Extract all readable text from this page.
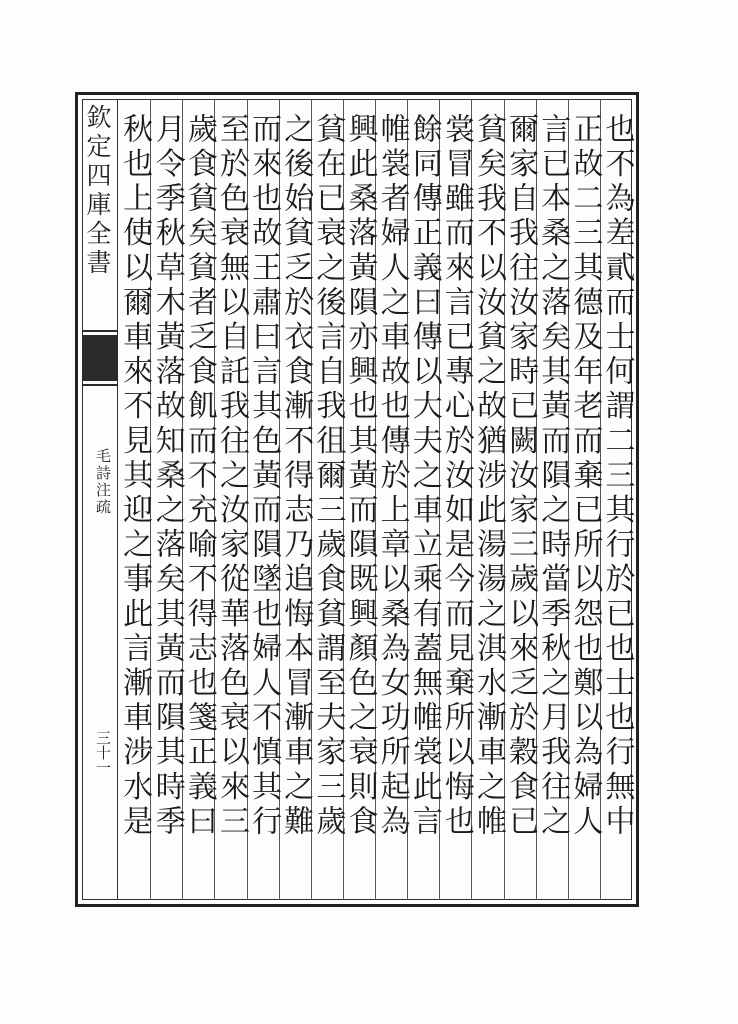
欽定四庫全書
毛詩注疏
三十一	也不為差貳而士何謂二三其行於已也士也行無中
正故二三其德及年老而棄已所以怨也鄭以為婦人
言已本桑之落矣其黃而隕之時當季秋之月我往之
爾家自我往汝家時已闕汝家三歲以來乏於穀食已
貧矣我不以汝貧之故猶涉此湯湯之淇水漸車之帷
裳冒雖而來言已專心於汝如是今而見棄所以悔也
餘同傳正義曰傳以大夫之車立乘有蓋無帷裳此言
帷裳者婦人之車故也傳於上章以桑為女功所起為
興此桑落黃隕亦興也其黃而隕既興顏色之衰則食
貧在已衰之後言自我徂爾三歲食貧謂至夫家三歲
之後始貧乏於衣食漸不得志乃追悔本冒漸車之難
而來也故王肅曰言其色黃而隕墜也婦人不慎其行
至於色衰無以自託我往之汝家從華落色衰以來三
歲食貧矣貧者乏食飢而不充喻不得志也箋正義曰
月令季秋草木黃落故知桑之落矣其黃而隕其時季
秋也上使以爾車來不見其迎之事此言漸車涉水是
